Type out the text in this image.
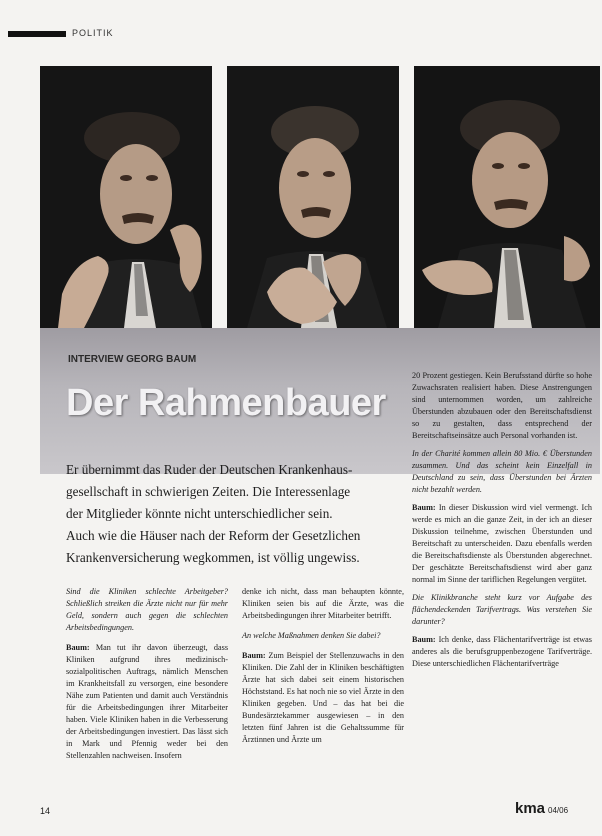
POLITIK
INTERVIEW GEORG BAUM
Der Rahmenbauer

20 Prozent gestiegen. Kein Berufsstand dürfte so hohe Zuwachsraten realisiert haben. Diese Anstrengungen sind unternommen worden, um zahlreiche Überstunden abzubauen oder den Bereitschaftsdienst so zu gestalten, dass entsprechend der Bereitschaftseinsätze auch Personal vorhanden ist.

In der Charité kommen allein 80 Mio. € Überstunden zusammen. Und das scheint kein Einzelfall in Deutschland zu sein, dass Überstunden bei Ärzten nicht bezahlt werden.

Baum: In dieser Diskussion wird viel vermengt. Ich werde es mich an die ganze Zeit, in der ich an dieser Diskussion teilnehme, zwischen Überstunden und Bereitschaft zu unterscheiden. Dazu ebenfalls werden die Bereitschaftsdienste als Überstunden abgerechnet. Der geschätzte Bereitschaftsdienst wird aber ganz normal im Sinne der tariflichen Regelungen vergütet.

Die Klinikbranche steht kurz vor Aufgabe des flächendeckenden Tarifvertrags. Was verstehen Sie darunter?

Baum: Ich denke, dass Flächentarifverträge ist etwas anderes als die berufsgruppenbezogene Tarifverträge. Diese unterschiedlichen Flächentarifverträge

Er übernimmt das Ruder der Deutschen Krankenhaus-

gesellschaft in schwierigen Zeiten. Die Interessenlage

der Mitglieder könnte nicht unterschiedlicher sein.

Auch wie die Häuser nach der Reform der Gesetzlichen

Krankenversicherung wegkommen, ist völlig ungewiss.

Sind die Kliniken schlechte Arbeitgeber? Schließlich streiken die Ärzte nicht nur für mehr Geld, sondern auch gegen die schlechten Arbeitsbedingungen.

Baum: Man tut ihr davon überzeugt, dass Kliniken aufgrund ihres medizinisch-sozialpolitischen Auftrags, nämlich Menschen im Krankheitsfall zu versorgen, eine besondere Nähe zum Patienten und damit auch Verständnis für die Arbeitsbedingungen ihrer Mitarbeiter haben. Viele Kliniken haben in die Verbesserung der Arbeitsbedingungen investiert. Das lässt sich in Mark und Pfennig weder bei den Stellenzahlen nachweisen. Insofern

denke ich nicht, dass man behaupten könnte, Kliniken seien bis auf die Ärzte, was die Arbeitsbedingungen ihrer Mitarbeiter betrifft.

An welche Maßnahmen denken Sie dabei?

Baum: Zum Beispiel der Stellenzuwachs in den Kliniken. Die Zahl der in Kliniken beschäftigten Ärzte hat sich dabei seit einem historischen Höchststand. Es hat noch nie so viel Ärzte in den Kliniken gegeben. Und – das hat bei die Bundesärztekammer ausgewiesen – in den letzten fünf Jahren ist die Gehaltssumme für Ärztinnen und Ärzte um

14	kma 04/06
